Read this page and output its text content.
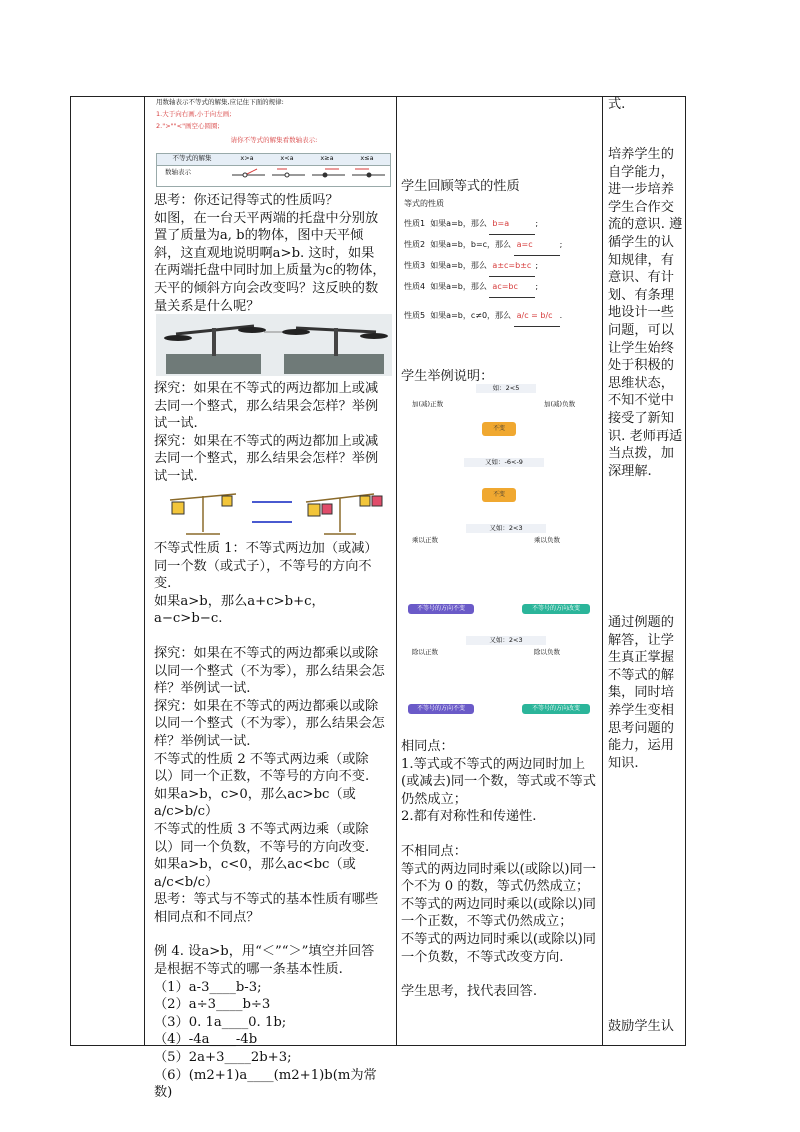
用数轴表示不等式的解集,应记住下面的规律:
1.大于向右画,小于向左画;
2.">""<"画空心圆圈;
请你不等式的解集看数轴表示:
不等式的解集	x>a	x<a	x≥a	x≤a
数轴表示

思考：你还记得等式的性质吗？

如图，在一台天平两端的托盘中分别放置了质量为a, b的物体，图中天平倾斜，这直观地说明啊a>b. 这时，如果在两端托盘中同时加上质量为c的物体，天平的倾斜方向会改变吗？这反映的数量关系是什么呢？

探究：如果在不等式的两边都加上或减去同一个整式，那么结果会怎样？举例试一试.

探究：如果在不等式的两边都加上或减去同一个整式，那么结果会怎样？举例试一试.

不等式性质 1：不等式两边加（或减）同一个数（或式子），不等号的方向不变.

如果a>b，那么a+c>b+c，a−c>b−c.

探究：如果在不等式的两边都乘以或除以同一个整式（不为零），那么结果会怎样？举例试一试.

探究：如果在不等式的两边都乘以或除以同一个整式（不为零），那么结果会怎样？举例试一试.

不等式的性质 2 不等式两边乘（或除以）同一个正数，不等号的方向不变.

如果a>b，c>0，那么ac>bc（或a/c>b/c）

不等式的性质 3 不等式两边乘（或除以）同一个负数，不等号的方向改变.

如果a>b，c<0，那么ac<bc（或a/c<b/c）

思考：等式与不等式的基本性质有哪些相同点和不同点？

例 4. 设a>b，用“＜”“＞”填空并回答是根据不等式的哪一条基本性质.

（1）a-3____b-3;

（2）a÷3____b÷3

（3）0. 1a____0. 1b;

（4）-4a____-4b

（5）2a+3____2b+3;

（6）(m2+1)a____(m2+1)b(m为常数)

学生回顾等式的性质

等式的性质
性质1 如果a=b，那么 b=a	;
性质2 如果a=b，b=c，那么 a=c	;
性质3 如果a=b，那么 a±c=b±c ;
性质4 如果a=b，那么 ac=bc ;
性质5 如果a=b，c≠0，那么 a/c = b/c .

学生举例说明：

如：2<5
加(减)正数	加(减)负数
不变
又如：-6<-9
不变
又如：2<3
乘以正数	乘以负数
不等号的方向不变	不等号的方向改变
又如：2<3
除以正数	除以负数
不等号的方向不变	不等号的方向改变

相同点：

1.等式或不等式的两边同时加上(或减去)同一个数，等式或不等式仍然成立；

2.都有对称性和传递性.

不相同点：

等式的两边同时乘以(或除以)同一个不为 0 的数，等式仍然成立；

不等式的两边同时乘以(或除以)同一个正数，不等式仍然成立；

不等式的两边同时乘以(或除以)同一个负数，不等式改变方向.

学生思考，找代表回答.

式.

培养学生的自学能力，进一步培养学生合作交流的意识. 遵循学生的认知规律，有意识、有计划、有条理地设计一些问题，可以让学生始终处于积极的思维状态，不知不觉中接受了新知识. 老师再适当点拨，加深理解.

通过例题的解答，让学生真正掌握不等式的解集，同时培养学生变相思考问题的能力，运用知识.

鼓励学生认
